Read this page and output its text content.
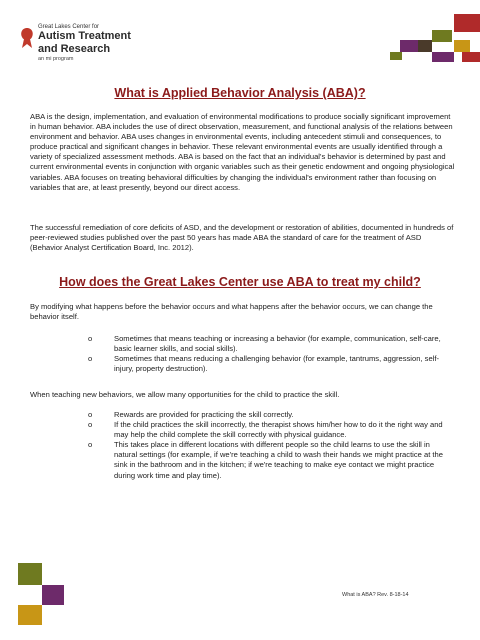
Great Lakes Center for
Autism Treatment
and Research
an mi program
What is Applied Behavior Analysis (ABA)?

ABA is the design, implementation, and evaluation of environmental modifications to produce socially significant improvement in human behavior. ABA includes the use of direct observation, measurement, and functional analysis of the relations between environment and behavior. ABA uses changes in environmental events, including antecedent stimuli and consequences, to produce practical and significant changes in behavior. These relevant environmental events are usually identified through a variety of specialized assessment methods. ABA is based on the fact that an individual's behavior is determined by past and current environmental events in conjunction with organic variables such as their genetic endowment and ongoing physiological variables. ABA focuses on treating behavioral difficulties by changing the individual's environment rather than focusing on variables that are, at least presently, beyond our direct access.

The successful remediation of core deficits of ASD, and the development or restoration of abilities, documented in hundreds of peer-reviewed studies published over the past 50 years has made ABA the standard of care for the treatment of ASD (Behavior Analyst Certification Board, Inc. 2012).

How does the Great Lakes Center use ABA to treat my child?

By modifying what happens before the behavior occurs and what happens after the behavior occurs, we can change the behavior itself.

o	Sometimes that means teaching or increasing a behavior (for example, communication, self-care, basic learner skills, and social skills).
o	Sometimes that means reducing a challenging behavior (for example, tantrums, aggression, self-injury, property destruction).

When teaching new behaviors, we allow many opportunities for the child to practice the skill.

o	Rewards are provided for practicing the skill correctly.
o	If the child practices the skill incorrectly, the therapist shows him/her how to do it the right way and may help the child complete the skill correctly with physical guidance.
o	This takes place in different locations with different people so the child learns to use the skill in natural settings (for example, if we're teaching a child to wash their hands we might practice at the sink in the bathroom and in the kitchen; if we're teaching to make eye contact we might practice during work time and play time).
What is ABA? Rev. 8-18-14
